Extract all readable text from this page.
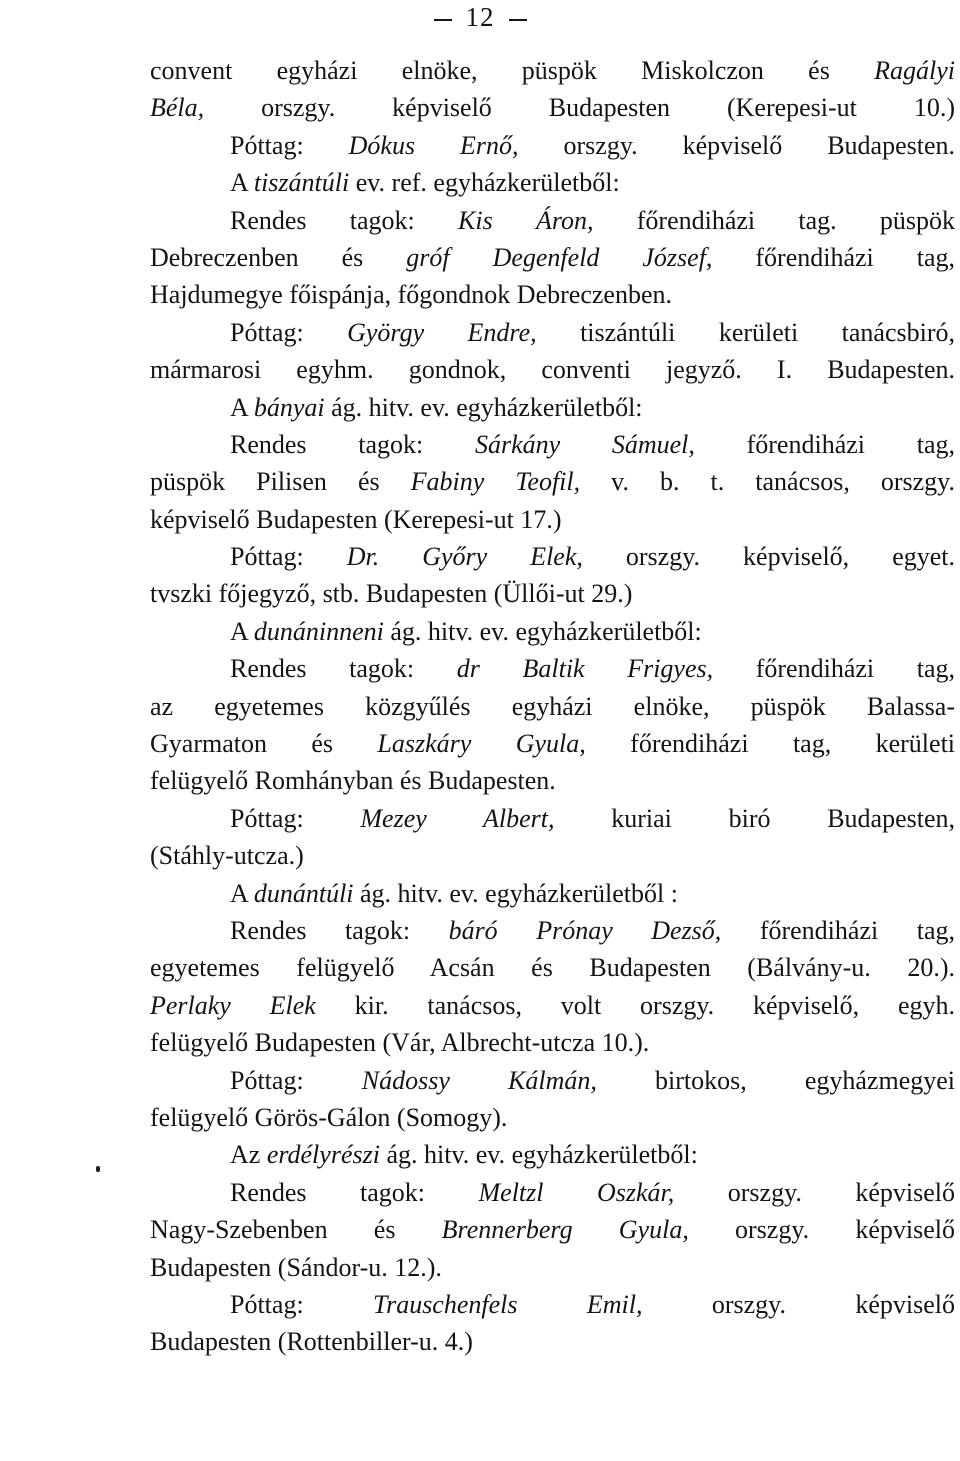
12
convent egyházi elnöke, püspök Miskolczon és Ragályi
Béla, orszgy. képviselő Budapesten (Kerepesi-ut 10.)
Póttag: Dókus Ernő, orszgy. képviselő Budapesten.
A tiszántúli ev. ref. egyházkerületből:
Rendes tagok: Kis Áron, főrendiházi tag. püspök
Debreczenben és gróf Degenfeld József, főrendiházi tag,
Hajdumegye főispánja, főgondnok Debreczenben.
Póttag: György Endre, tiszántúli kerületi tanácsbiró,
mármarosi egyhm. gondnok, conventi jegyző. I. Budapesten.
A bányai ág. hitv. ev. egyházkerületből:
Rendes tagok: Sárkány Sámuel, főrendiházi tag,
püspök Pilisen és Fabiny Teofil, v. b. t. tanácsos, orszgy.
képviselő Budapesten (Kerepesi-ut 17.)
Póttag: Dr. Győry Elek, orszgy. képviselő, egyet.
tvszki főjegyző, stb. Budapesten (Üllői-ut 29.)
A dunáninneni ág. hitv. ev. egyházkerületből:
Rendes tagok: dr Baltik Frigyes, főrendiházi tag,
az egyetemes közgyűlés egyházi elnöke, püspök Balassa-
Gyarmaton és Laszkáry Gyula, főrendiházi tag, kerületi
felügyelő Romhányban és Budapesten.
Póttag: Mezey Albert, kuriai biró Budapesten,
(Stáhly-utcza.)
A dunántúli ág. hitv. ev. egyházkerületből :
Rendes tagok: báró Prónay Dezső, főrendiházi tag,
egyetemes felügyelő Acsán és Budapesten (Bálvány-u. 20.).
Perlaky Elek kir. tanácsos, volt orszgy. képviselő, egyh.
felügyelő Budapesten (Vár, Albrecht-utcza 10.).
Póttag: Nádossy Kálmán, birtokos, egyházmegyei
felügyelő Görös-Gálon (Somogy).
Az erdélyrészi ág. hitv. ev. egyházkerületből:
Rendes tagok: Meltzl Oszkár, orszgy. képviselő
Nagy-Szebenben és Brennerberg Gyula, orszgy. képviselő
Budapesten (Sándor-u. 12.).
Póttag: Trauschenfels Emil, orszgy. képviselő
Budapesten (Rottenbiller-u. 4.)
